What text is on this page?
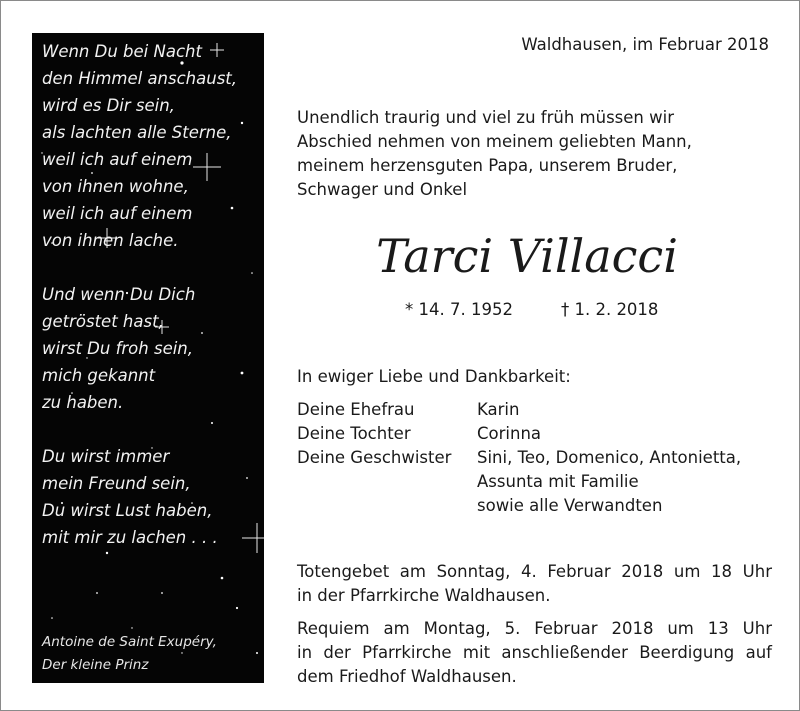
Wenn Du bei Nacht
den Himmel anschaust,
wird es Dir sein,
als lachten alle Sterne,
weil ich auf einem
von ihnen wohne,
weil ich auf einem
von ihnen lache.
Und wenn Du Dich
getröstet hast,
wirst Du froh sein,
mich gekannt
zu haben.
Du wirst immer
mein Freund sein,
Du wirst Lust haben,
mit mir zu lachen . . .
Antoine de Saint Exupéry,
Der kleine Prinz
Waldhausen, im Februar 2018
Unendlich traurig und viel zu früh müssen wir
Abschied nehmen von meinem geliebten Mann,
meinem herzensguten Papa, unserem Bruder,
Schwager und Onkel
Tarci Villacci
* 14. 7. 1952	† 1. 2. 2018
In ewiger Liebe und Dankbarkeit:
Deine Ehefrau	Karin
Deine Tochter	Corinna
Deine Geschwister	Sini, Teo, Domenico, Antonietta,
Assunta mit Familie
sowie alle Verwandten
Totengebet am Sonntag, 4. Februar 2018 um 18 Uhr
in der Pfarrkirche Waldhausen.
Requiem am Montag, 5. Februar 2018 um 13 Uhr
in der Pfarrkirche mit anschließender Beerdigung auf
dem Friedhof Waldhausen.
